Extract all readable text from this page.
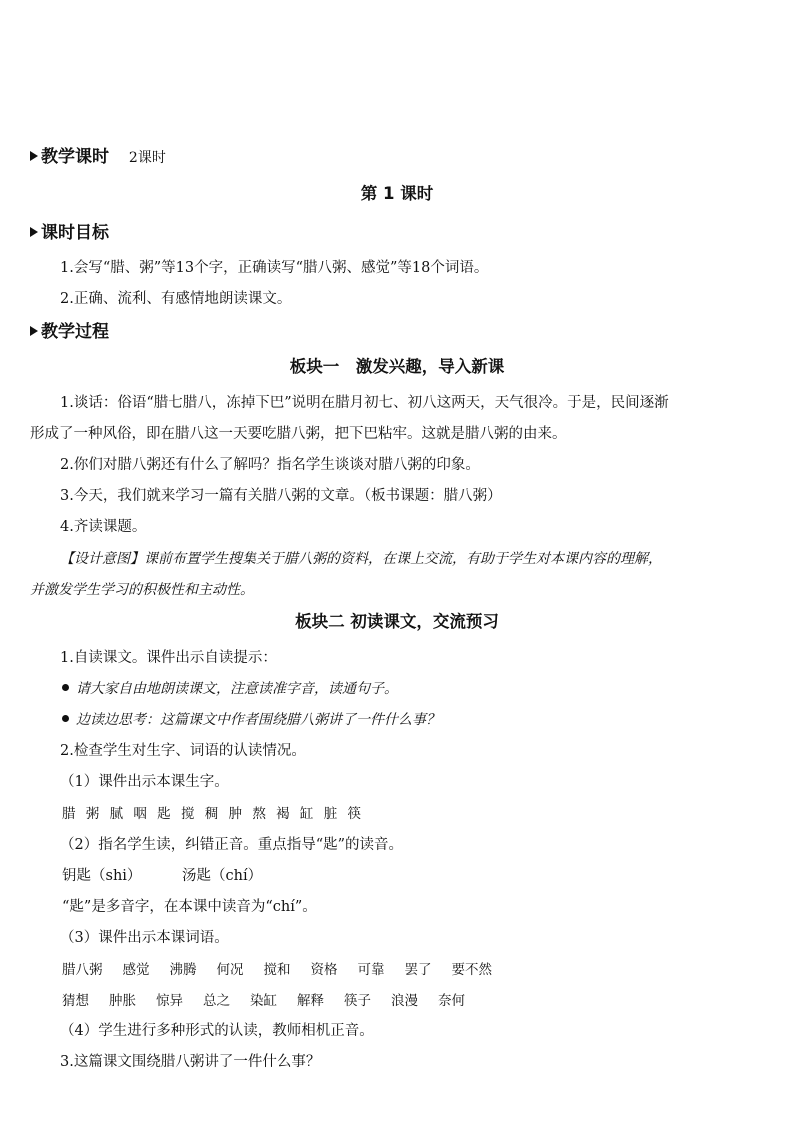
教学课时 2课时
第 1 课时
课时目标
1.会写“腊、粥”等13个字，正确读写“腊八粥、感觉”等18个词语。
2.正确、流利、有感情地朗读课文。
教学过程
板块一　激发兴趣，导入新课
1.谈话：俗语“腊七腊八，冻掉下巴”说明在腊月初七、初八这两天，天气很冷。于是，民间逐渐
形成了一种风俗，即在腊八这一天要吃腊八粥，把下巴粘牢。这就是腊八粥的由来。
2.你们对腊八粥还有什么了解吗？指名学生谈谈对腊八粥的印象。
3.今天，我们就来学习一篇有关腊八粥的文章。（板书课题：腊八粥）
4.齐读课题。
【设计意图】课前布置学生搜集关于腊八粥的资料，在课上交流，有助于学生对本课内容的理解，
并激发学生学习的积极性和主动性。
板块二 初读课文，交流预习
1.自读课文。课件出示自读提示：
请大家自由地朗读课文，注意读准字音，读通句子。
边读边思考：这篇课文中作者围绕腊八粥讲了一件什么事？
2.检查学生对生字、词语的认读情况。
（1）课件出示本课生字。
腊 粥 腻 咽 匙 搅 稠 肿 熬 褐 缸 脏 筷
（2）指名学生读，纠错正音。重点指导“匙”的读音。
钥匙（shi）	汤匙（chí）
“匙”是多音字，在本课中读音为“chí”。
（3）课件出示本课词语。
腊八粥 感觉 沸腾 何况 搅和 资格 可靠 罢了 要不然
猜想 肿胀 惊异 总之 染缸 解释 筷子 浪漫 奈何
（4）学生进行多种形式的认读，教师相机正音。
3.这篇课文围绕腊八粥讲了一件什么事？
